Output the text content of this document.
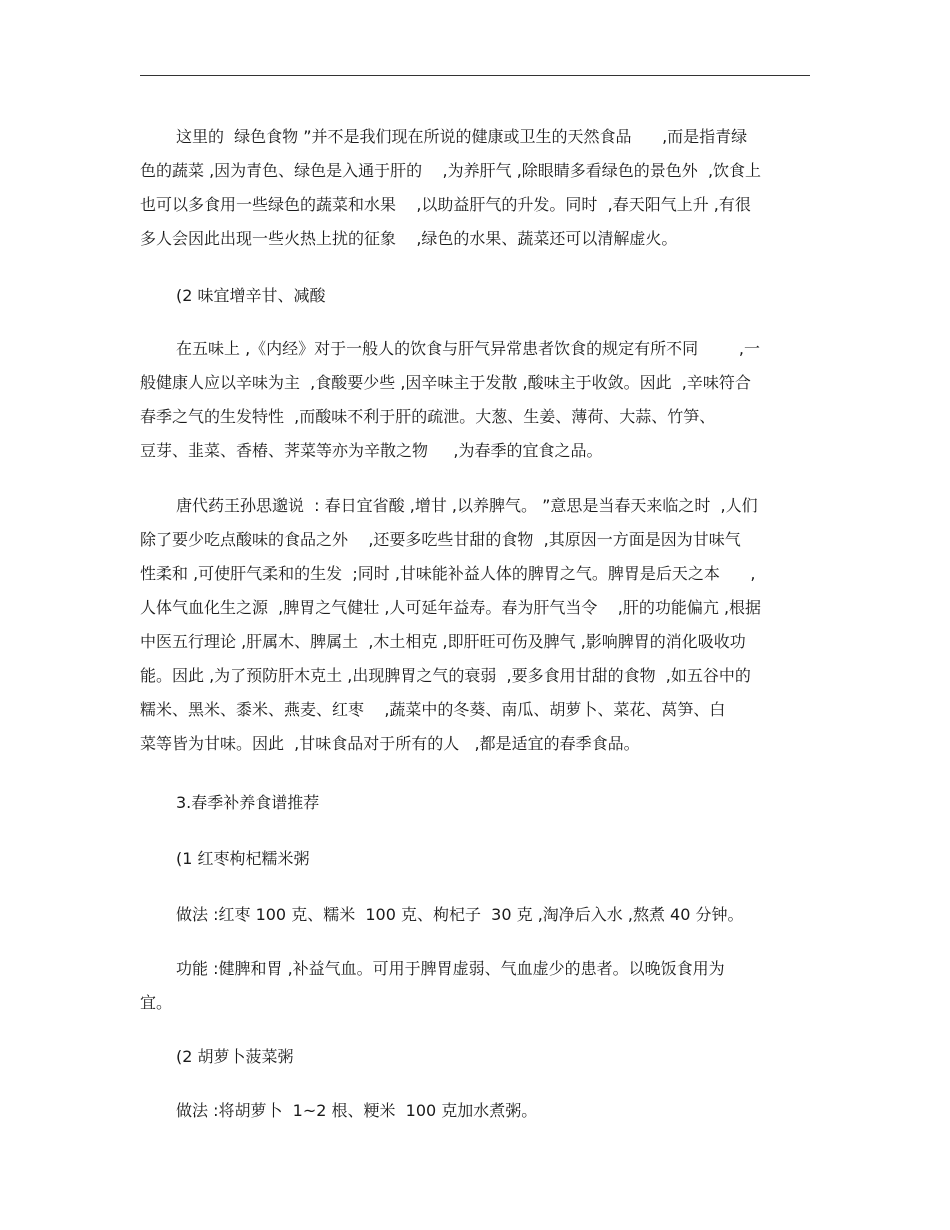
这里的  绿色食物 ”并不是我们现在所说的健康或卫生的天然食品      ,而是指青绿

色的蔬菜 ,因为青色、绿色是入通于肝的    ,为养肝气 ,除眼睛多看绿色的景色外  ,饮食上

也可以多食用一些绿色的蔬菜和水果    ,以助益肝气的升发。同时  ,春天阳气上升 ,有很

多人会因此出现一些火热上扰的征象    ,绿色的水果、蔬菜还可以清解虚火。

(2 味宜增辛甘、减酸

在五味上 ,《内经》对于一般人的饮食与肝气异常患者饮食的规定有所不同        ,一

般健康人应以辛味为主  ,食酸要少些 ,因辛味主于发散 ,酸味主于收敛。因此  ,辛味符合

春季之气的生发特性  ,而酸味不利于肝的疏泄。大葱、生姜、薄荷、大蒜、竹笋、

豆芽、韭菜、香椿、荠菜等亦为辛散之物     ,为春季的宜食之品。

唐代药王孙思邈说  : 春日宜省酸 ,增甘 ,以养脾气。 ”意思是当春天来临之时  ,人们

除了要少吃点酸味的食品之外    ,还要多吃些甘甜的食物  ,其原因一方面是因为甘味气

性柔和 ,可使肝气柔和的生发  ;同时 ,甘味能补益人体的脾胃之气。脾胃是后天之本      ,

人体气血化生之源  ,脾胃之气健壮 ,人可延年益寿。春为肝气当令    ,肝的功能偏亢 ,根据

中医五行理论 ,肝属木、脾属土  ,木土相克 ,即肝旺可伤及脾气 ,影响脾胃的消化吸收功

能。因此 ,为了预防肝木克土 ,出现脾胃之气的衰弱  ,要多食用甘甜的食物  ,如五谷中的

糯米、黑米、黍米、燕麦、红枣    ,蔬菜中的冬葵、南瓜、胡萝卜、菜花、莴笋、白

菜等皆为甘味。因此  ,甘味食品对于所有的人   ,都是适宜的春季食品。

3.春季补养食谱推荐

(1 红枣枸杞糯米粥

做法 :红枣 100 克、糯米  100 克、枸杞子  30 克 ,淘净后入水 ,熬煮 40 分钟。

功能 :健脾和胃 ,补益气血。可用于脾胃虚弱、气血虚少的患者。以晚饭食用为

宜。

(2 胡萝卜菠菜粥

做法 :将胡萝卜  1~2 根、粳米  100 克加水煮粥。
